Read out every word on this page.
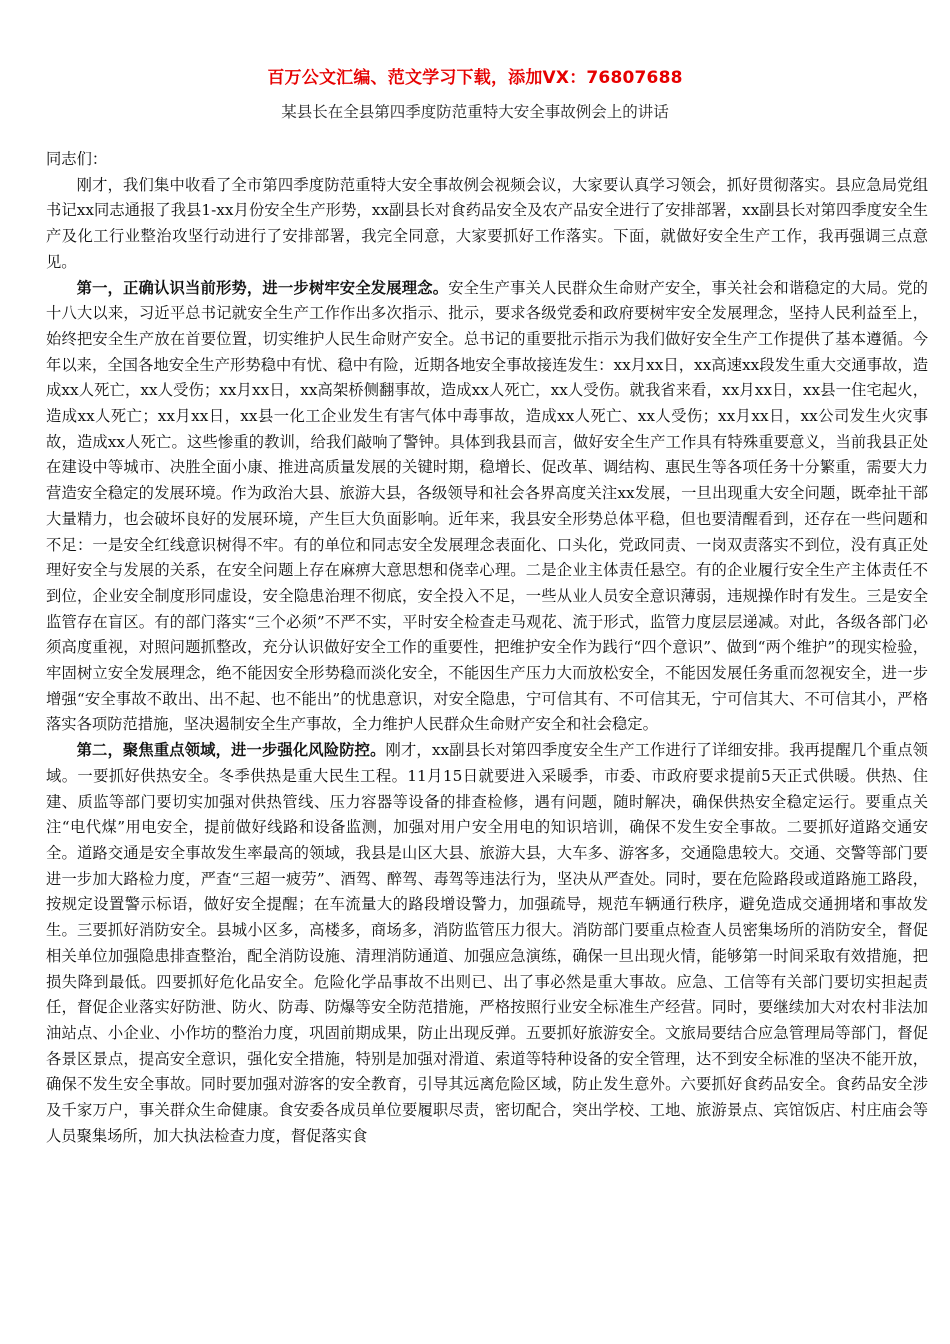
百万公文汇编、范文学习下载，添加VX：76807688
某县长在全县第四季度防范重特大安全事故例会上的讲话

同志们：

刚才，我们集中收看了全市第四季度防范重特大安全事故例会视频会议，大家要认真学习领会，抓好贯彻落实。县应急局党组书记xx同志通报了我县1-xx月份安全生产形势，xx副县长对食药品安全及农产品安全进行了安排部署，xx副县长对第四季度安全生产及化工行业整治攻坚行动进行了安排部署，我完全同意，大家要抓好工作落实。下面，就做好安全生产工作，我再强调三点意见。

第一，正确认识当前形势，进一步树牢安全发展理念。安全生产事关人民群众生命财产安全，事关社会和谐稳定的大局。党的十八大以来，习近平总书记就安全生产工作作出多次指示、批示，要求各级党委和政府要树牢安全发展理念，坚持人民利益至上，始终把安全生产放在首要位置，切实维护人民生命财产安全。总书记的重要批示指示为我们做好安全生产工作提供了基本遵循。今年以来，全国各地安全生产形势稳中有忧、稳中有险，近期各地安全事故接连发生：xx月xx日，xx高速xx段发生重大交通事故，造成xx人死亡，xx人受伤；xx月xx日，xx高架桥侧翻事故，造成xx人死亡，xx人受伤。就我省来看，xx月xx日，xx县一住宅起火，造成xx人死亡；xx月xx日，xx县一化工企业发生有害气体中毒事故，造成xx人死亡、xx人受伤；xx月xx日，xx公司发生火灾事故，造成xx人死亡。这些惨重的教训，给我们敲响了警钟。具体到我县而言，做好安全生产工作具有特殊重要意义，当前我县正处在建设中等城市、决胜全面小康、推进高质量发展的关键时期，稳增长、促改革、调结构、惠民生等各项任务十分繁重，需要大力营造安全稳定的发展环境。作为政治大县、旅游大县，各级领导和社会各界高度关注xx发展，一旦出现重大安全问题，既牵扯干部大量精力，也会破坏良好的发展环境，产生巨大负面影响。近年来，我县安全形势总体平稳，但也要清醒看到，还存在一些问题和不足：一是安全红线意识树得不牢。有的单位和同志安全发展理念表面化、口头化，党政同责、一岗双责落实不到位，没有真正处理好安全与发展的关系，在安全问题上存在麻痹大意思想和侥幸心理。二是企业主体责任悬空。有的企业履行安全生产主体责任不到位，企业安全制度形同虚设，安全隐患治理不彻底，安全投入不足，一些从业人员安全意识薄弱，违规操作时有发生。三是安全监管存在盲区。有的部门落实“三个必须”不严不实，平时安全检查走马观花、流于形式，监管力度层层递减。对此，各级各部门必须高度重视，对照问题抓整改，充分认识做好安全工作的重要性，把维护安全作为践行“四个意识”、做到“两个维护”的现实检验，牢固树立安全发展理念，绝不能因安全形势稳而淡化安全，不能因生产压力大而放松安全，不能因发展任务重而忽视安全，进一步增强“安全事故不敢出、出不起、也不能出”的忧患意识，对安全隐患，宁可信其有、不可信其无，宁可信其大、不可信其小，严格落实各项防范措施，坚决遏制安全生产事故，全力维护人民群众生命财产安全和社会稳定。

第二，聚焦重点领域，进一步强化风险防控。刚才，xx副县长对第四季度安全生产工作进行了详细安排。我再提醒几个重点领域。一要抓好供热安全。冬季供热是重大民生工程。11月15日就要进入采暖季，市委、市政府要求提前5天正式供暖。供热、住建、质监等部门要切实加强对供热管线、压力容器等设备的排查检修，遇有问题，随时解决，确保供热安全稳定运行。要重点关注“电代煤”用电安全，提前做好线路和设备监测，加强对用户安全用电的知识培训，确保不发生安全事故。二要抓好道路交通安全。道路交通是安全事故发生率最高的领域，我县是山区大县、旅游大县，大车多、游客多，交通隐患较大。交通、交警等部门要进一步加大路检力度，严查“三超一疲劳”、酒驾、醉驾、毒驾等违法行为，坚决从严查处。同时，要在危险路段或道路施工路段，按规定设置警示标语，做好安全提醒；在车流量大的路段增设警力，加强疏导，规范车辆通行秩序，避免造成交通拥堵和事故发生。三要抓好消防安全。县城小区多，高楼多，商场多，消防监管压力很大。消防部门要重点检查人员密集场所的消防安全，督促相关单位加强隐患排查整治，配全消防设施、清理消防通道、加强应急演练，确保一旦出现火情，能够第一时间采取有效措施，把损失降到最低。四要抓好危化品安全。危险化学品事故不出则已、出了事必然是重大事故。应急、工信等有关部门要切实担起责任，督促企业落实好防泄、防火、防毒、防爆等安全防范措施，严格按照行业安全标准生产经营。同时，要继续加大对农村非法加油站点、小企业、小作坊的整治力度，巩固前期成果，防止出现反弹。五要抓好旅游安全。文旅局要结合应急管理局等部门，督促各景区景点，提高安全意识，强化安全措施，特别是加强对滑道、索道等特种设备的安全管理，达不到安全标准的坚决不能开放，确保不发生安全事故。同时要加强对游客的安全教育，引导其远离危险区域，防止发生意外。六要抓好食药品安全。食药品安全涉及千家万户，事关群众生命健康。食安委各成员单位要履职尽责，密切配合，突出学校、工地、旅游景点、宾馆饭店、村庄庙会等人员聚集场所，加大执法检查力度，督促落实食
